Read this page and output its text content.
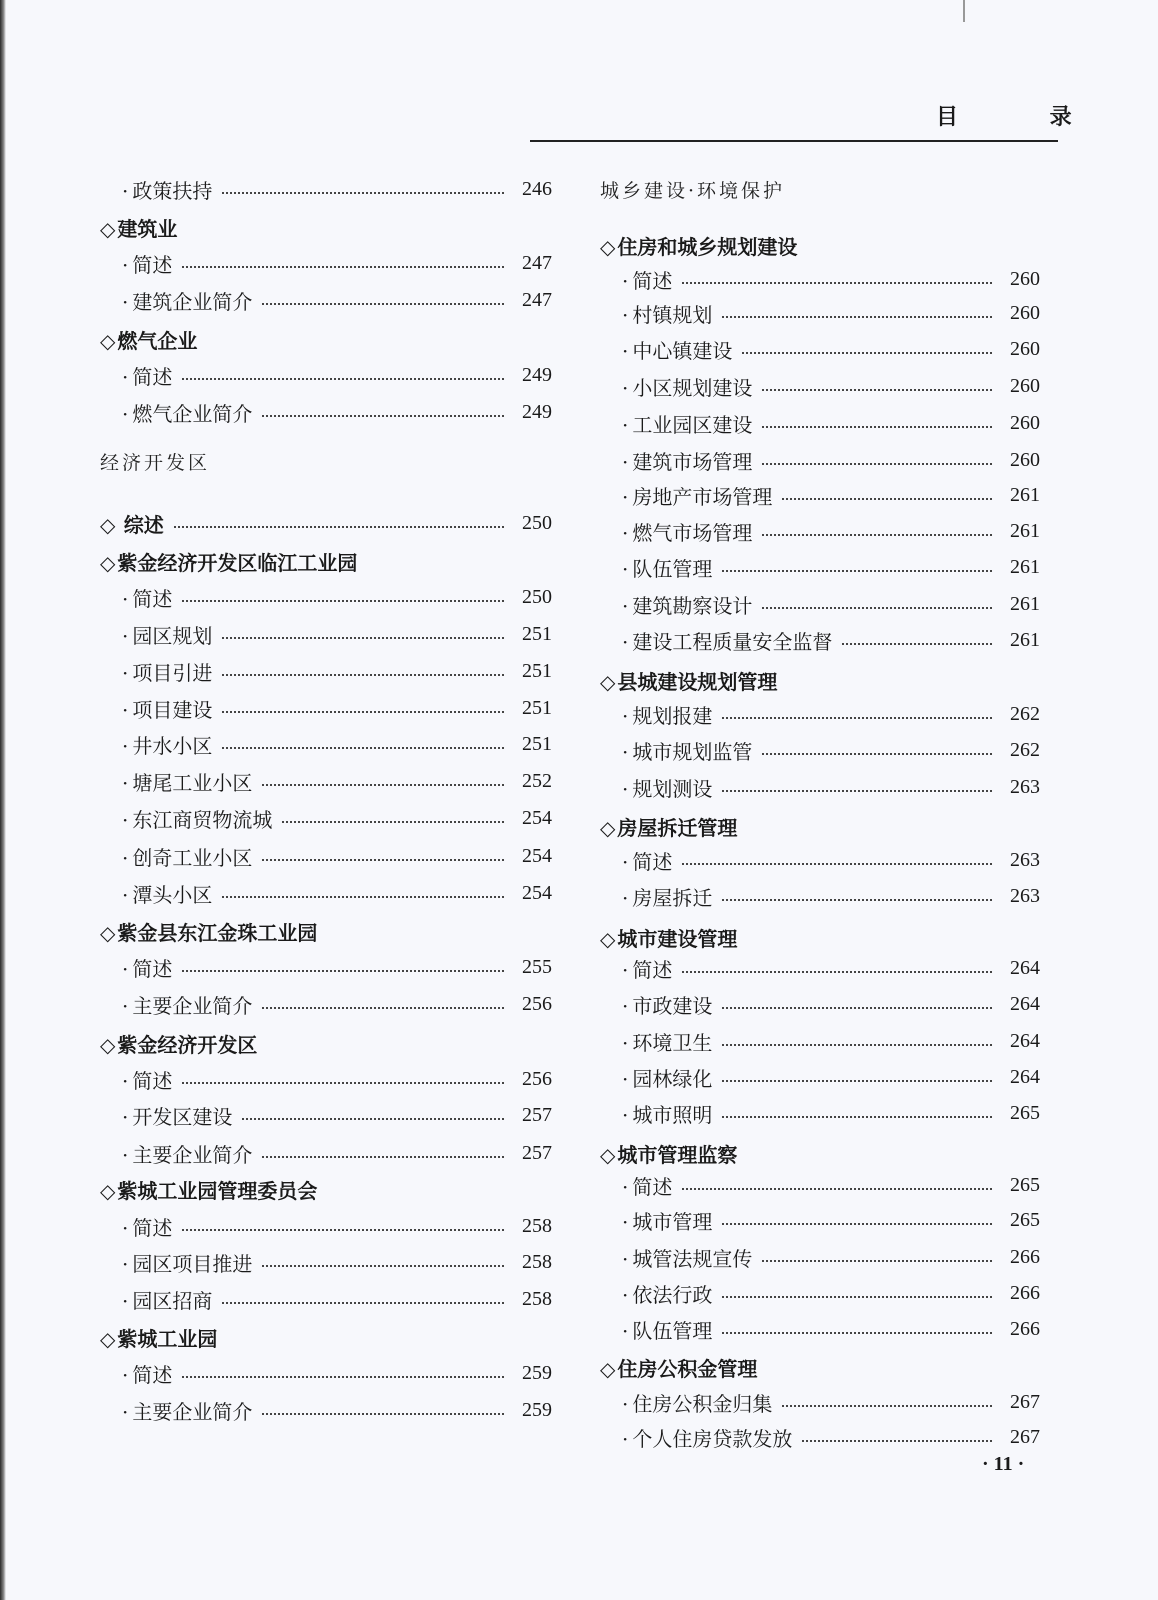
目 录
· 政策扶持	246
◇ 建筑业
· 简述	247
· 建筑企业简介	247
◇ 燃气企业
· 简述	249
· 燃气企业简介	249
经济开发区
◇ 综述	250
◇ 紫金经济开发区临江工业园
· 简述	250
· 园区规划	251
· 项目引进	251
· 项目建设	251
· 井水小区	251
· 塘尾工业小区	252
· 东江商贸物流城	254
· 创奇工业小区	254
· 潭头小区	254
◇ 紫金县东江金珠工业园
· 简述	255
· 主要企业简介	256
◇ 紫金经济开发区
· 简述	256
· 开发区建设	257
· 主要企业简介	257
◇ 紫城工业园管理委员会
· 简述	258
· 园区项目推进	258
· 园区招商	258
◇ 紫城工业园
· 简述	259
· 主要企业简介	259
城乡建设·环境保护
◇ 住房和城乡规划建设
· 简述	260
· 村镇规划	260
· 中心镇建设	260
· 小区规划建设	260
· 工业园区建设	260
· 建筑市场管理	260
· 房地产市场管理	261
· 燃气市场管理	261
· 队伍管理	261
· 建筑勘察设计	261
· 建设工程质量安全监督	261
◇ 县城建设规划管理
· 规划报建	262
· 城市规划监管	262
· 规划测设	263
◇ 房屋拆迁管理
· 简述	263
· 房屋拆迁	263
◇ 城市建设管理
· 简述	264
· 市政建设	264
· 环境卫生	264
· 园林绿化	264
· 城市照明	265
◇ 城市管理监察
· 简述	265
· 城市管理	265
· 城管法规宣传	266
· 依法行政	266
· 队伍管理	266
◇ 住房公积金管理
· 住房公积金归集	267
· 个人住房贷款发放	267
· 11 ·
